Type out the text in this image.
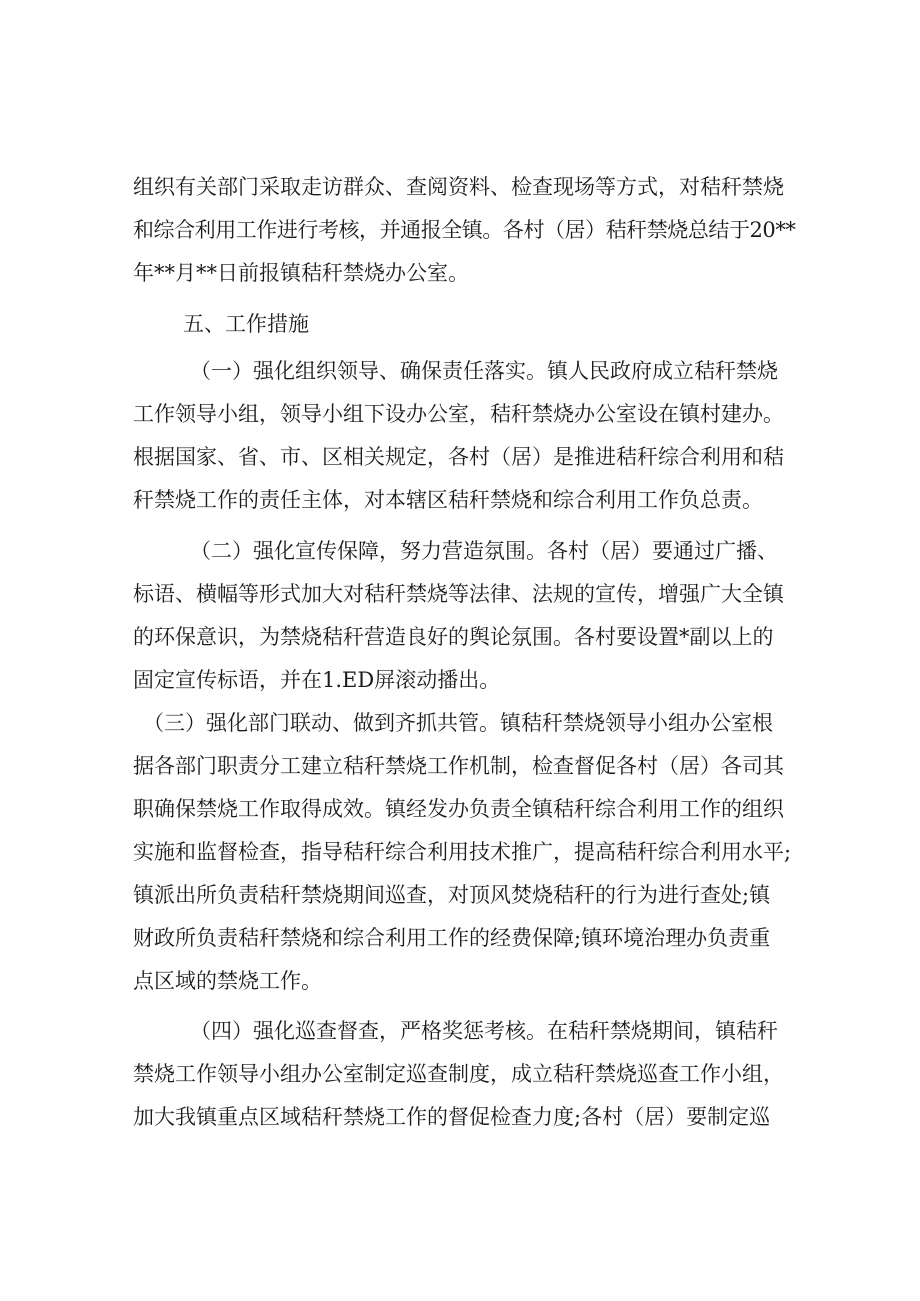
组织有关部门采取走访群众、查阅资料、检查现场等方式，对秸秆禁烧
和综合利用工作进行考核，并通报全镇。各村（居）秸秆禁烧总结于20**
年**月**日前报镇秸秆禁烧办公室。
五、工作措施
（一）强化组织领导、确保责任落实。镇人民政府成立秸秆禁烧
工作领导小组，领导小组下设办公室，秸秆禁烧办公室设在镇村建办。
根据国家、省、市、区相关规定，各村（居）是推进秸秆综合利用和秸
秆禁烧工作的责任主体，对本辖区秸秆禁烧和综合利用工作负总责。
（二）强化宣传保障，努力营造氛围。各村（居）要通过广播、
标语、横幅等形式加大对秸秆禁烧等法律、法规的宣传，增强广大全镇
的环保意识，为禁烧秸秆营造良好的舆论氛围。各村要设置*副以上的
固定宣传标语，并在1.ED屏滚动播出。
（三）强化部门联动、做到齐抓共管。镇秸秆禁烧领导小组办公室根
据各部门职责分工建立秸秆禁烧工作机制，检查督促各村（居）各司其
职确保禁烧工作取得成效。镇经发办负责全镇秸秆综合利用工作的组织
实施和监督检查，指导秸秆综合利用技术推广，提高秸秆综合利用水平;
镇派出所负责秸秆禁烧期间巡查，对顶风焚烧秸秆的行为进行查处;镇
财政所负责秸秆禁烧和综合利用工作的经费保障;镇环境治理办负责重
点区域的禁烧工作。
（四）强化巡查督查，严格奖惩考核。在秸秆禁烧期间，镇秸秆
禁烧工作领导小组办公室制定巡查制度，成立秸秆禁烧巡查工作小组，
加大我镇重点区域秸秆禁烧工作的督促检查力度;各村（居）要制定巡
